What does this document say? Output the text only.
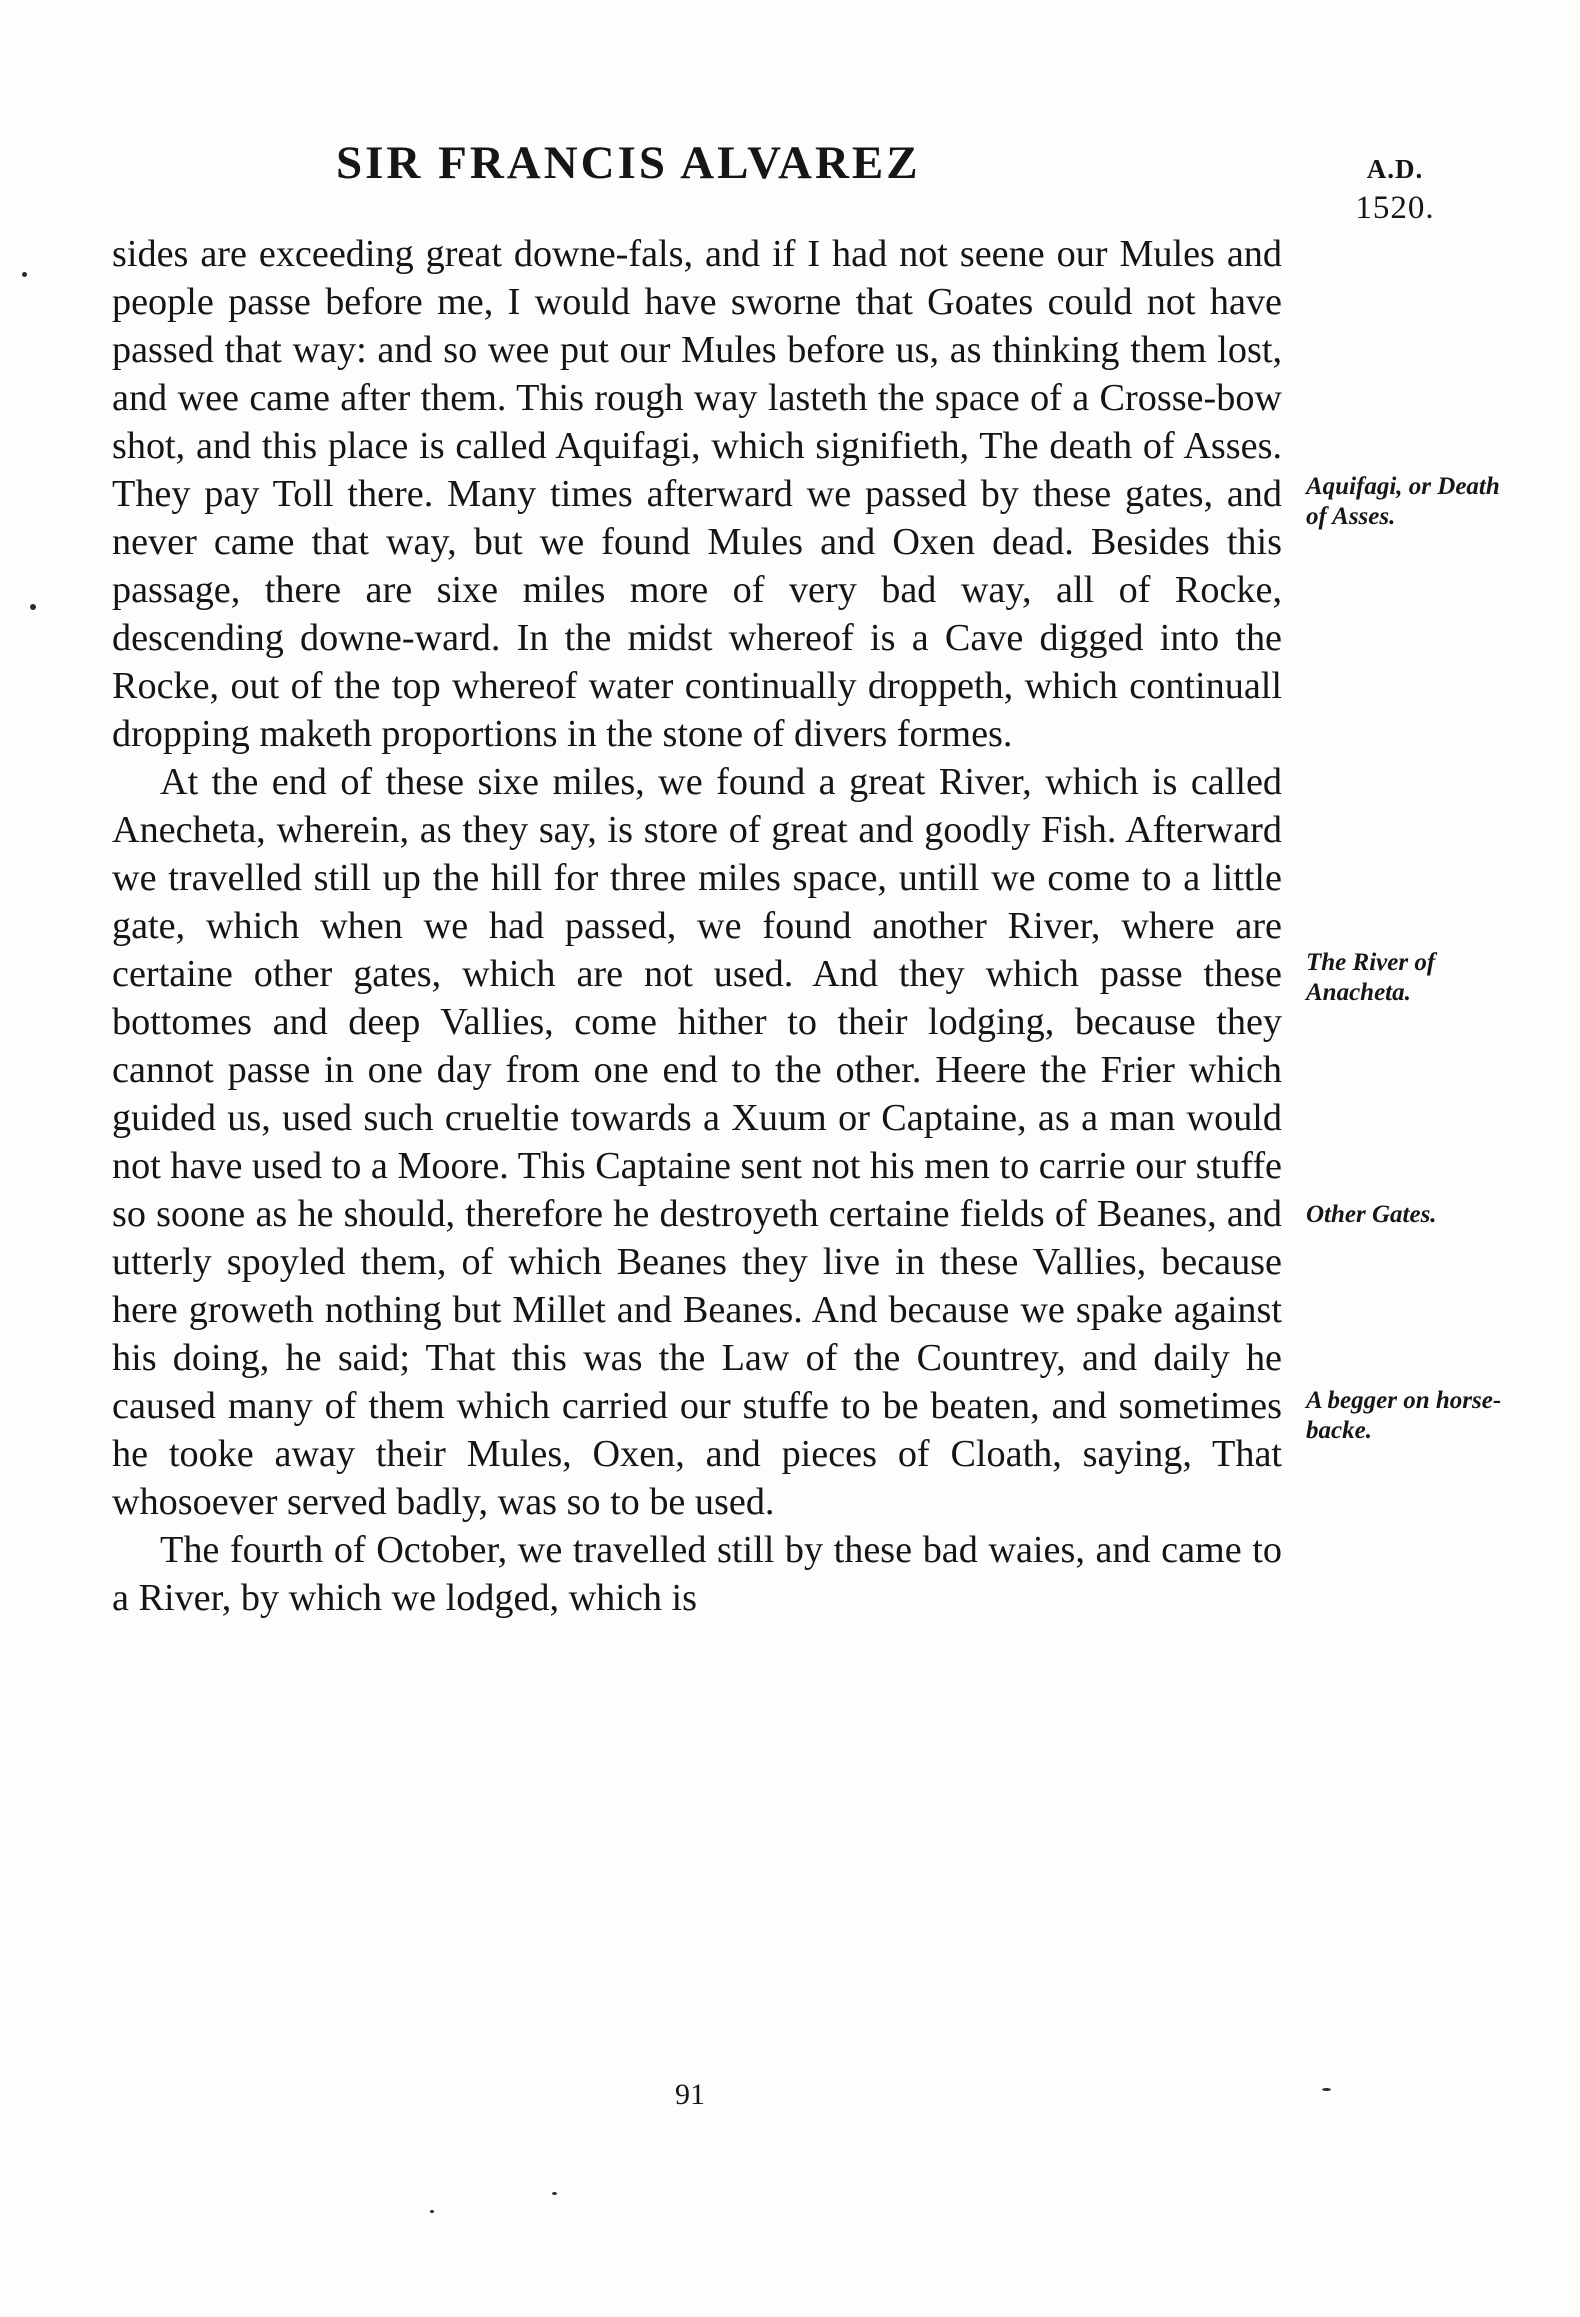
SIR FRANCIS ALVAREZ	A.D.
1520.

sides are exceeding great downe-fals, and if I had not seene our Mules and people passe before me, I would have sworne that Goates could not have passed that way: and so wee put our Mules before us, as thinking them lost, and wee came after them. This rough way lasteth the space of a Crosse-bow shot, and this place is called Aquifagi, which signifieth, The death of Asses. They pay Toll there. Many times afterward we passed by these gates, and never came that way, but we found Mules and Oxen dead. Besides this passage, there are sixe miles more of very bad way, all of Rocke, descending downe-ward. In the midst whereof is a Cave digged into the Rocke, out of the top whereof water continually droppeth, which continuall dropping maketh proportions in the stone of divers formes.

At the end of these sixe miles, we found a great River, which is called Anecheta, wherein, as they say, is store of great and goodly Fish. Afterward we travelled still up the hill for three miles space, untill we come to a little gate, which when we had passed, we found another River, where are certaine other gates, which are not used. And they which passe these bottomes and deep Vallies, come hither to their lodging, because they cannot passe in one day from one end to the other. Heere the Frier which guided us, used such crueltie towards a Xuum or Captaine, as a man would not have used to a Moore. This Captaine sent not his men to carrie our stuffe so soone as he should, therefore he destroyeth certaine fields of Beanes, and utterly spoyled them, of which Beanes they live in these Vallies, because here groweth nothing but Millet and Beanes. And because we spake against his doing, he said; That this was the Law of the Countrey, and daily he caused many of them which carried our stuffe to be beaten, and sometimes he tooke away their Mules, Oxen, and pieces of Cloath, saying, That whosoever served badly, was so to be used.

The fourth of October, we travelled still by these bad waies, and came to a River, by which we lodged, which is

Aquifagi, or Death of Asses.
The River of Anacheta.
Other Gates.
A begger on horse-backe.
91
